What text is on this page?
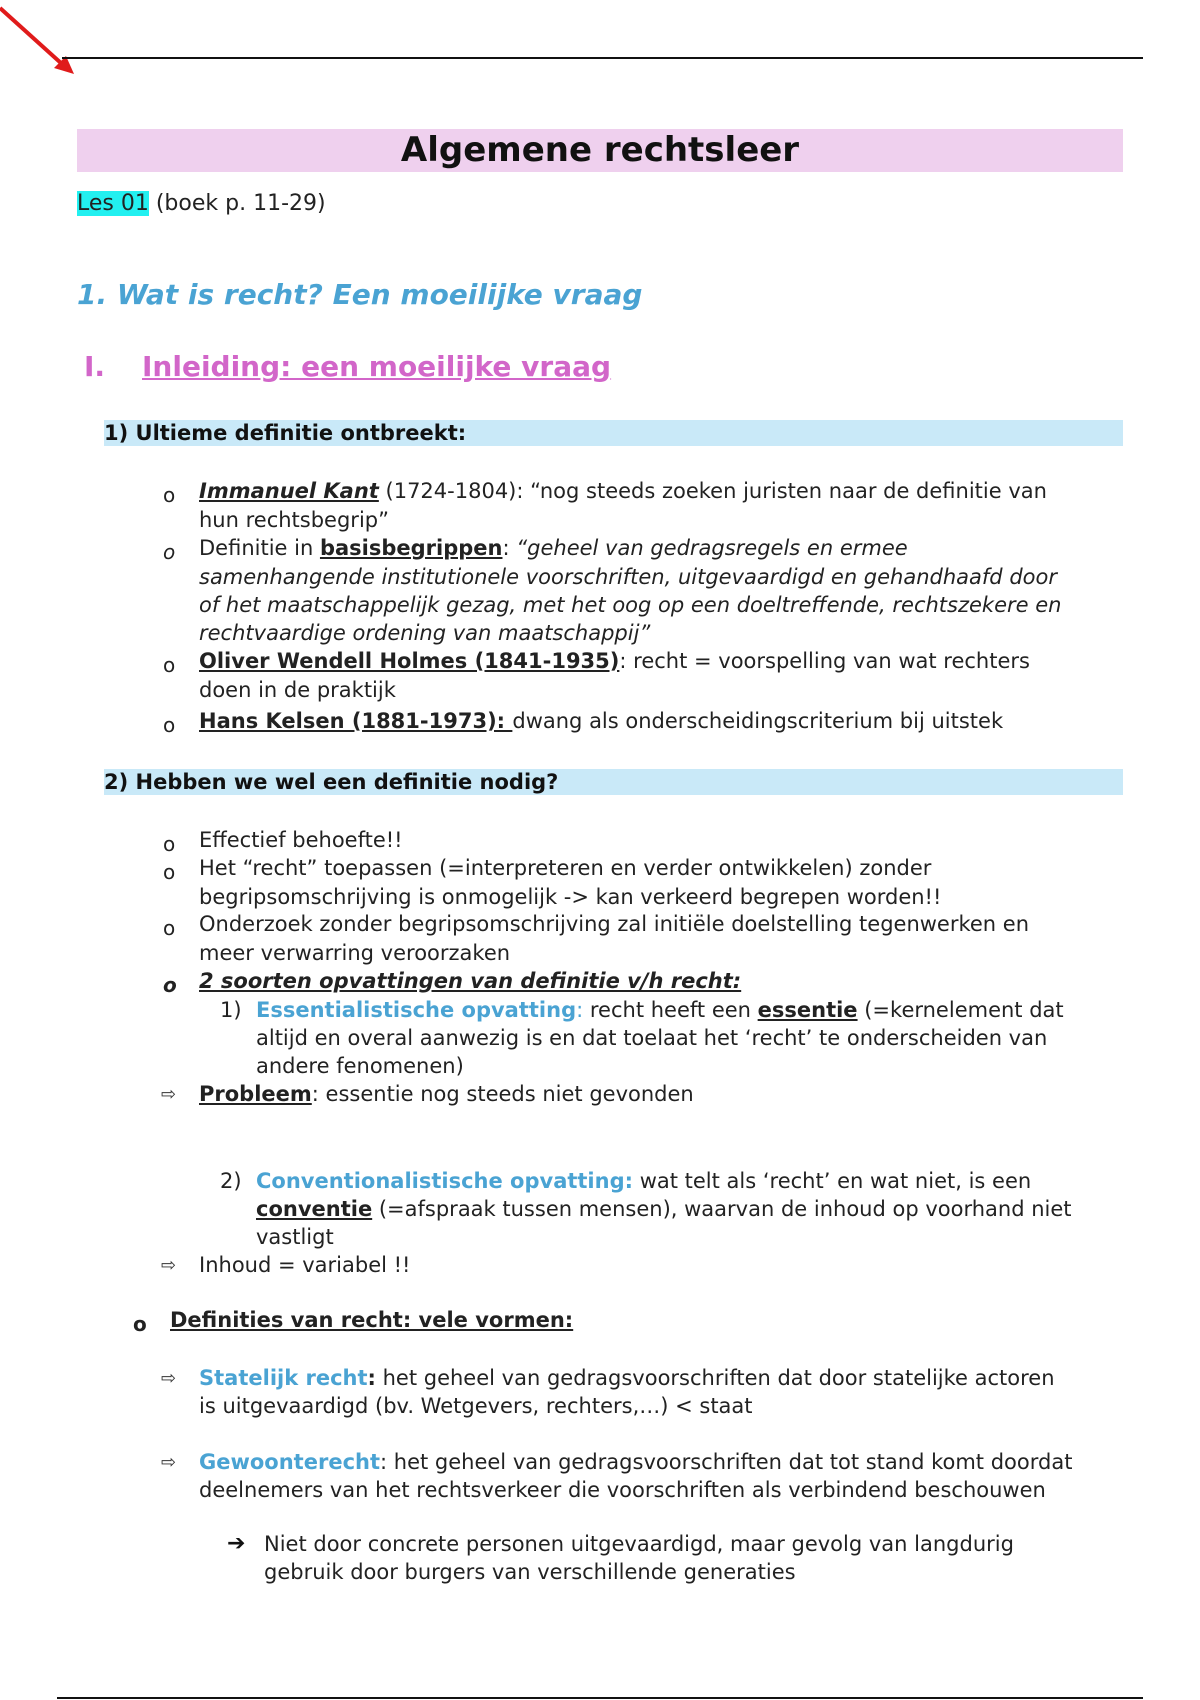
Algemene rechtsleer
Les 01 (boek p. 11-29)
1. Wat is recht? Een moeilijke vraag
I. Inleiding: een moeilijke vraag
1) Ultieme definitie ontbreekt:
o Immanuel Kant (1724-1804): “nog steeds zoeken juristen naar de definitie van
hun rechtsbegrip”
o Definitie in basisbegrippen: “geheel van gedragsregels en ermee
samenhangende institutionele voorschriften, uitgevaardigd en gehandhaafd door
of het maatschappelijk gezag, met het oog op een doeltreffende, rechtszekere en
rechtvaardige ordening van maatschappij”
o Oliver Wendell Holmes (1841-1935): recht = voorspelling van wat rechters
doen in de praktijk
o Hans Kelsen (1881-1973): dwang als onderscheidingscriterium bij uitstek
2) Hebben we wel een definitie nodig?
o Effectief behoefte!!
o Het “recht” toepassen (=interpreteren en verder ontwikkelen) zonder
begripsomschrijving is onmogelijk -> kan verkeerd begrepen worden!!
o Onderzoek zonder begripsomschrijving zal initiële doelstelling tegenwerken en
meer verwarring veroorzaken
o 2 soorten opvattingen van definitie v/h recht:
1) Essentialistische opvatting: recht heeft een essentie (=kernelement dat
altijd en overal aanwezig is en dat toelaat het ‘recht’ te onderscheiden van
andere fenomenen)
⇨ Probleem: essentie nog steeds niet gevonden
2) Conventionalistische opvatting: wat telt als ‘recht’ en wat niet, is een
conventie (=afspraak tussen mensen), waarvan de inhoud op voorhand niet
vastligt
⇨ Inhoud = variabel !!
o Definities van recht: vele vormen:
⇨ Statelijk recht: het geheel van gedragsvoorschriften dat door statelijke actoren
is uitgevaardigd (bv. Wetgevers, rechters,…) < staat
⇨ Gewoonterecht: het geheel van gedragsvoorschriften dat tot stand komt doordat
deelnemers van het rechtsverkeer die voorschriften als verbindend beschouwen
➔ Niet door concrete personen uitgevaardigd, maar gevolg van langdurig
gebruik door burgers van verschillende generaties
